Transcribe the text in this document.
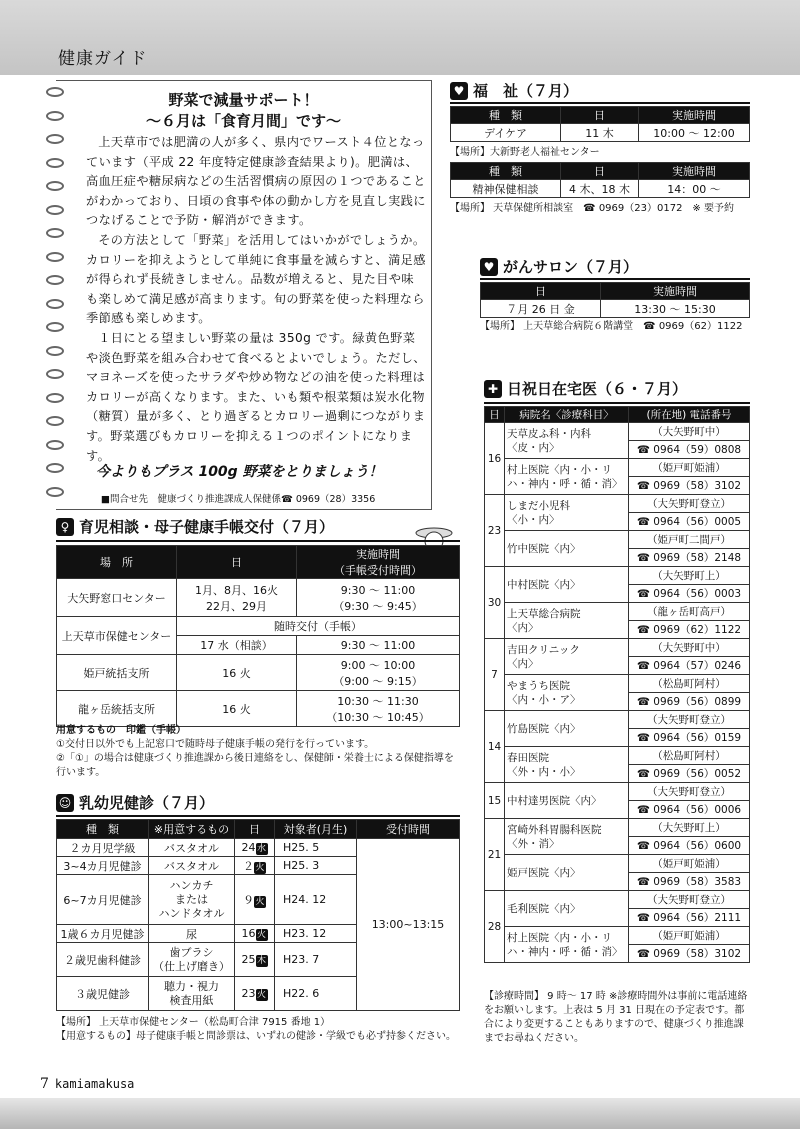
健康ガイド
野菜で減量サポート！
～６月は「食育月間」です～

上天草市では肥満の人が多く、県内でワースト４位となっています（平成 22 年度特定健康診査結果より)。肥満は、高血圧症や糖尿病などの生活習慣病の原因の１つであることがわかっており、日頃の食事や体の動かし方を見直し実践につなげることで予防・解消ができます。

その方法として「野菜」を活用してはいかがでしょうか。カロリーを抑えようとして単純に食事量を減らすと、満足感が得られず長続きしません。品数が増えると、見た目や味も楽しめて満足感が高まります。旬の野菜を使った料理なら季節感も楽しめます。

１日にとる望ましい野菜の量は 350g です。緑黄色野菜や淡色野菜を組み合わせて食べるとよいでしょう。ただし、マヨネーズを使ったサラダや炒め物などの油を使った料理はカロリーが高くなります。また、いも類や根菜類は炭水化物（糖質）量が多く、とり過ぎるとカロリー過剰につながります。野菜選びもカロリーを抑える１つのポイントになります。

今よりもプラス 100g 野菜をとりましょう！
■問合せ先　健康づくり推進課成人保健係☎ 0969（28）3356
♀ 育児相談・母子健康手帳交付（７月）
場　所	日	実施時間
（手帳受付時間）
大矢野窓口センター	1月、8月、16火
22月、29月	9:30 ～ 11:00
（9:30 ～ 9:45）
上天草市保健センター	随時交付（手帳）	
	17 水（相談）	9:30 ～ 11:00
姫戸統括支所	16 火	9:00 ～ 10:00
（9:00 ～ 9:15）
龍ヶ岳統括支所	16 火	10:30 ～ 11:30
（10:30 ～ 10:45）
用意するもの　印鑑（手帳）
①交付日以外でも上記窓口で随時母子健康手帳の発行を行っています。
②「①」の場合は健康づくり推進課から後日連絡をし、保健師・栄養士による保健指導を行います。
☺ 乳幼児健診（７月）
種　類	※用意するもの	日	対象者(月生)	受付時間
２カ月児学級	バスタオル	24水	H25. 5	13:00~13:15
3~4カ月児健診	バスタオル	２火	H25. 3	
6~7カ月児健診	ハンカチ
または
ハンドタオル	９火	H24. 12	
1歳６カ月児健診	尿	16火	H23. 12	
２歳児歯科健診	歯ブラシ
（仕上げ磨き）	25木	H23. 7	
３歳児健診	聴力・視力
検査用紙	23火	H22. 6	
【場所】 上天草市保健センター（松島町合津 7915 番地 1）
【用意するもの】母子健康手帳と問診票は、いずれの健診・学級でも必ず持参ください。
♥ 福　祉（７月）
種　類	日	実施時間
デイケア	11 木	10:00 ～ 12:00
【場所】大新野老人福祉センター
種　類	日	実施時間
精神保健相談	4 木、18 木	14：00 ～
【場所】 天草保健所相談室　☎ 0969（23）0172　※ 要予約
♥ がんサロン（７月）
日	実施時間
７月 26 日 金	13:30 ～ 15:30
【場所】 上天草総合病院６階講堂　☎ 0969（62）1122
✚ 日祝日在宅医（６・７月）
日	病院名〈診療科目〉	(所在地) 電話番号
16	天草皮ふ科・内科
〈皮・内〉	（大矢野町中）
		☎ 0964（59）0808
	村上医院〈内・小・リハ・神内・呼・循・消〉	（姫戸町姫浦）
		☎ 0969（58）3102
23	しまだ小児科
〈小・内〉	（大矢野町登立）
		☎ 0964（56）0005
	竹中医院〈内〉	（姫戸町二間戸）
		☎ 0969（58）2148
30	中村医院〈内〉	（大矢野町上）
		☎ 0964（56）0003
	上天草総合病院
〈内〉	（龍ヶ岳町高戸）
		☎ 0969（62）1122
7	吉田クリニック
〈内〉	（大矢野町中）
		☎ 0964（57）0246
	やまうち医院
〈内・小・ア〉	（松島町阿村）
		☎ 0969（56）0899
14	竹島医院〈内〉	（大矢野町登立）
		☎ 0964（56）0159
	春田医院
〈外・内・小〉	（松島町阿村）
		☎ 0969（56）0052
15	中村達男医院〈内〉	（大矢野町登立）
		☎ 0964（56）0006
21	宮崎外科胃腸科医院
〈外・消〉	（大矢野町上）
		☎ 0964（56）0600
	姫戸医院〈内〉	（姫戸町姫浦）
		☎ 0969（58）3583
28	毛利医院〈内〉	（大矢野町登立）
		☎ 0964（56）2111
	村上医院〈内・小・リハ・神内・呼・循・消〉	（姫戸町姫浦）
		☎ 0969（58）3102
【診療時間】 9 時～ 17 時 ※診療時間外は事前に電話連絡をお願いします。上表は 5 月 31 日現在の予定表です。都合により変更することもありますので、健康づくり推進課までお尋ねください。
7 kamiamakusa
